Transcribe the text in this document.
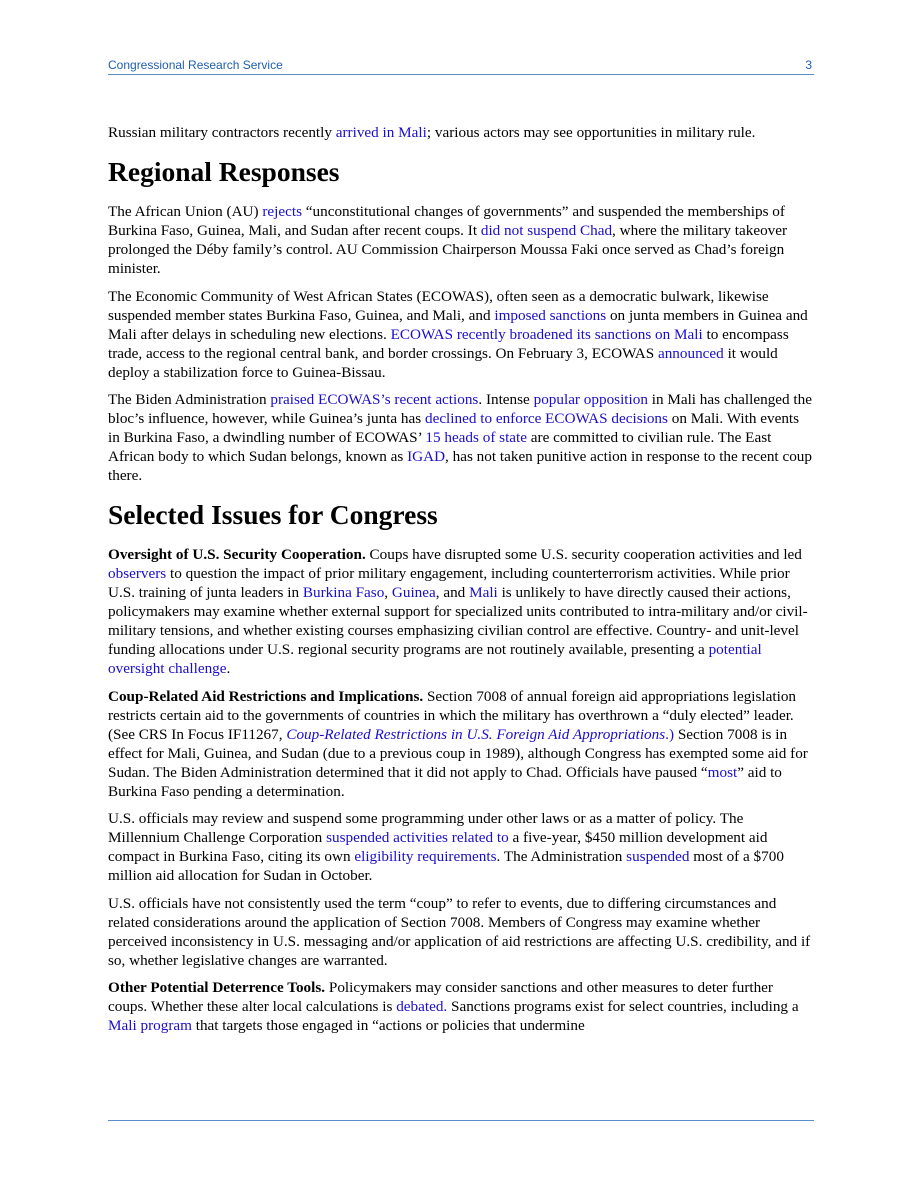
Congressional Research Service	3

Russian military contractors recently arrived in Mali; various actors may see opportunities in military rule.

Regional Responses

The African Union (AU) rejects “unconstitutional changes of governments” and suspended the memberships of Burkina Faso, Guinea, Mali, and Sudan after recent coups. It did not suspend Chad, where the military takeover prolonged the Déby family’s control. AU Commission Chairperson Moussa Faki once served as Chad’s foreign minister.

The Economic Community of West African States (ECOWAS), often seen as a democratic bulwark, likewise suspended member states Burkina Faso, Guinea, and Mali, and imposed sanctions on junta members in Guinea and Mali after delays in scheduling new elections. ECOWAS recently broadened its sanctions on Mali to encompass trade, access to the regional central bank, and border crossings. On February 3, ECOWAS announced it would deploy a stabilization force to Guinea-Bissau.

The Biden Administration praised ECOWAS’s recent actions. Intense popular opposition in Mali has challenged the bloc’s influence, however, while Guinea’s junta has declined to enforce ECOWAS decisions on Mali. With events in Burkina Faso, a dwindling number of ECOWAS’ 15 heads of state are committed to civilian rule. The East African body to which Sudan belongs, known as IGAD, has not taken punitive action in response to the recent coup there.

Selected Issues for Congress

Oversight of U.S. Security Cooperation. Coups have disrupted some U.S. security cooperation activities and led observers to question the impact of prior military engagement, including counterterrorism activities. While prior U.S. training of junta leaders in Burkina Faso, Guinea, and Mali is unlikely to have directly caused their actions, policymakers may examine whether external support for specialized units contributed to intra-military and/or civil-military tensions, and whether existing courses emphasizing civilian control are effective. Country- and unit-level funding allocations under U.S. regional security programs are not routinely available, presenting a potential oversight challenge.

Coup-Related Aid Restrictions and Implications. Section 7008 of annual foreign aid appropriations legislation restricts certain aid to the governments of countries in which the military has overthrown a “duly elected” leader. (See CRS In Focus IF11267, Coup-Related Restrictions in U.S. Foreign Aid Appropriations.) Section 7008 is in effect for Mali, Guinea, and Sudan (due to a previous coup in 1989), although Congress has exempted some aid for Sudan. The Biden Administration determined that it did not apply to Chad. Officials have paused “most” aid to Burkina Faso pending a determination.

U.S. officials may review and suspend some programming under other laws or as a matter of policy. The Millennium Challenge Corporation suspended activities related to a five-year, $450 million development aid compact in Burkina Faso, citing its own eligibility requirements. The Administration suspended most of a $700 million aid allocation for Sudan in October.

U.S. officials have not consistently used the term “coup” to refer to events, due to differing circumstances and related considerations around the application of Section 7008. Members of Congress may examine whether perceived inconsistency in U.S. messaging and/or application of aid restrictions are affecting U.S. credibility, and if so, whether legislative changes are warranted.

Other Potential Deterrence Tools. Policymakers may consider sanctions and other measures to deter further coups. Whether these alter local calculations is debated. Sanctions programs exist for select countries, including a Mali program that targets those engaged in “actions or policies that undermine
